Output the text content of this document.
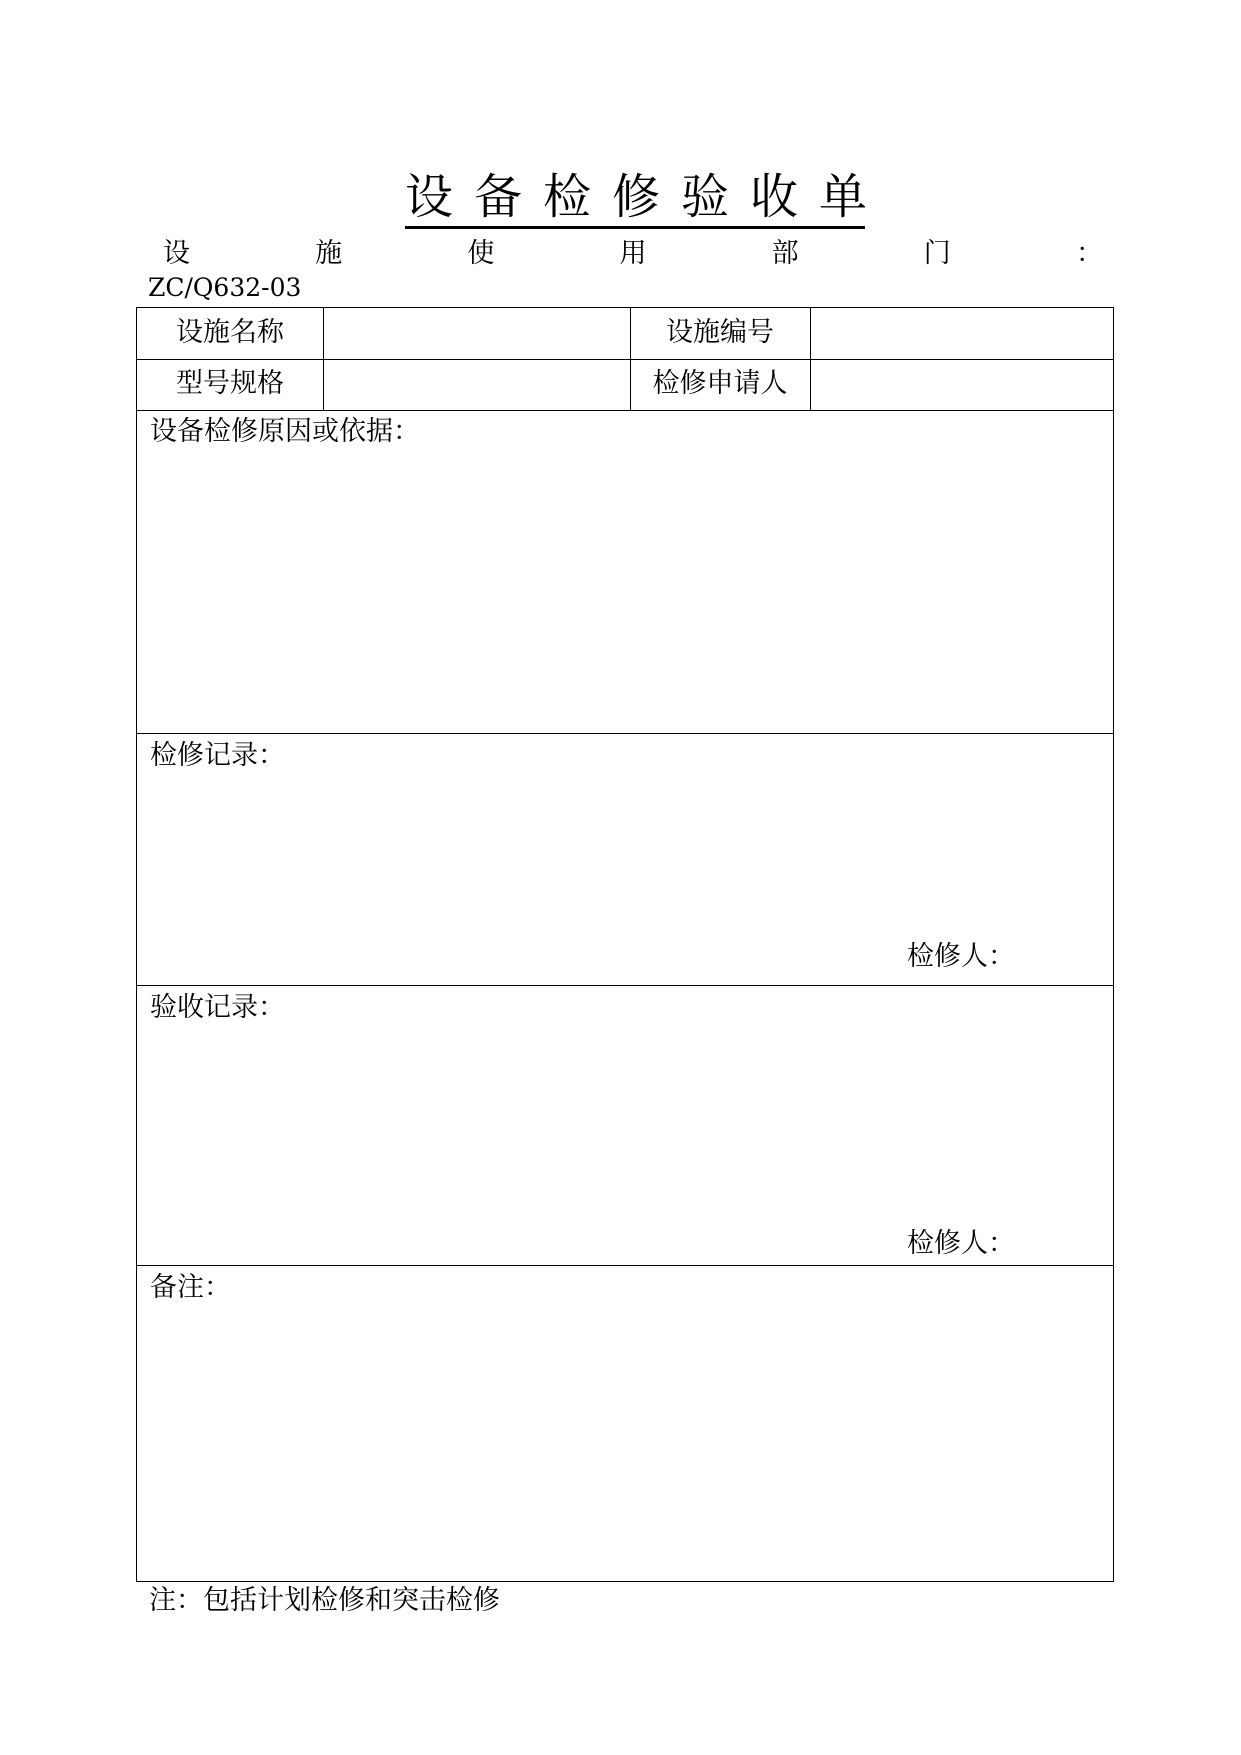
设备检修验收单
设	施	使	用	部	门	：
ZC/Q632-03
设施名称	设施编号
型号规格	检修申请人
设备检修原因或依据：
检修记录：
检修人：
验收记录：
检修人：
备注：
注：包括计划检修和突击检修
